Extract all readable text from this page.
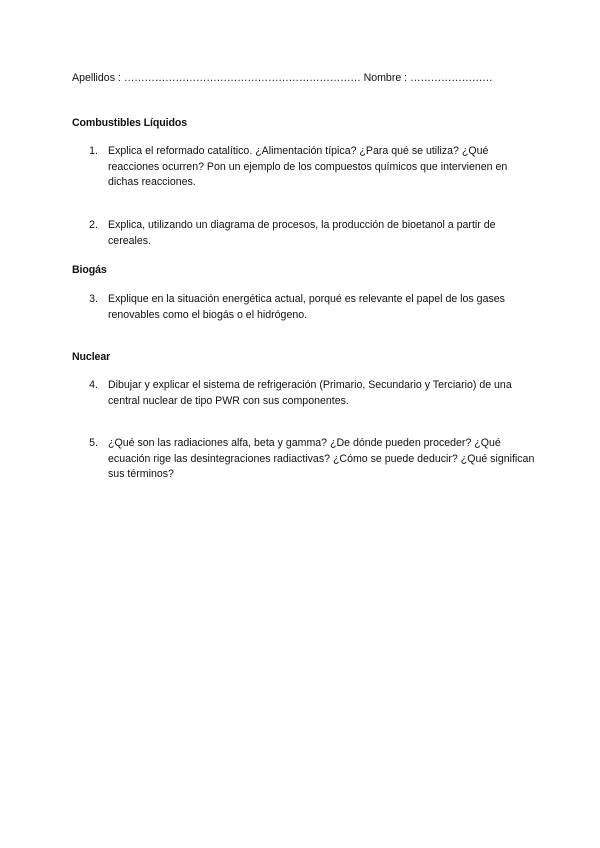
Apellidos : …………………………………………………………… Nombre : ……………………
Combustibles Líquidos
1. Explica el reformado catalítico. ¿Alimentación típica? ¿Para qué se utiliza? ¿Qué reacciones ocurren? Pon un ejemplo de los compuestos químicos que intervienen en dichas reacciones.
2. Explica, utilizando un diagrama de procesos, la producción de bioetanol a partir de cereales.
Biogás
3. Explique en la situación energética actual, porqué es relevante el papel de los gases renovables como el biogás o el hidrógeno.
Nuclear
4. Dibujar y explicar el sistema de refrigeración (Primario, Secundario y Terciario) de una central nuclear de tipo PWR con sus componentes.
5. ¿Qué son las radiaciones alfa, beta y gamma? ¿De dónde pueden proceder? ¿Qué ecuación rige las desintegraciones radiactivas? ¿Cómo se puede deducir? ¿Qué significan sus términos?
